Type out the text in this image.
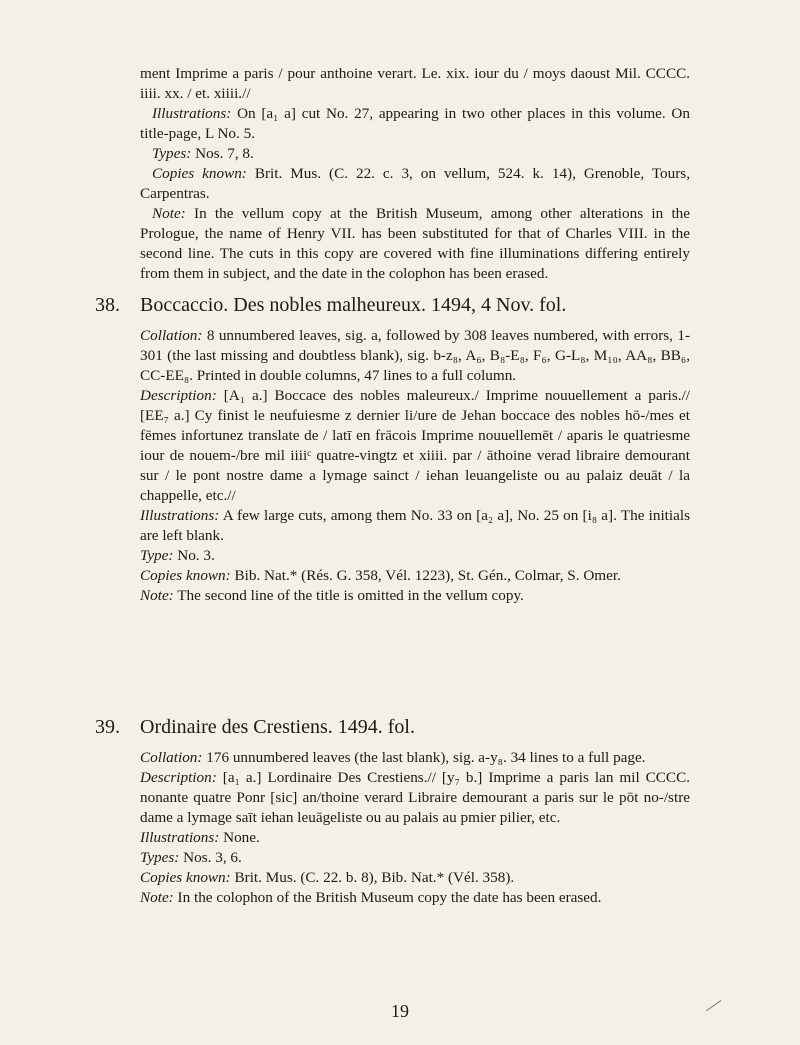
ment Imprime a paris / pour anthoine verart. Le. xix. iour du / moys daoust Mil. CCCC. iiii. xx. / et. xiiii.//

Illustrations: On [a₁ a] cut No. 27, appearing in two other places in this volume. On title-page, L No. 5.

Types: Nos. 7, 8.

Copies known: Brit. Mus. (C. 22. c. 3, on vellum, 524. k. 14), Grenoble, Tours, Carpentras.

Note: In the vellum copy at the British Museum, among other alterations in the Prologue, the name of Henry VII. has been substituted for that of Charles VIII. in the second line. The cuts in this copy are covered with fine illuminations differing entirely from them in subject, and the date in the colophon has been erased.

38. Boccaccio. Des nobles malheureux. 1494, 4 Nov. fol.

Collation: 8 unnumbered leaves, sig. a, followed by 308 leaves numbered, with errors, 1-301 (the last missing and doubtless blank), sig. b-z₈, A₆, B₈-E₈, F₆, G-L₈, M₁₀, AA₈, BB₆, CC-EE₈. Printed in double columns, 47 lines to a full column.

Description: [A₁ a.] Boccace des nobles maleureux./ Imprime nouuellement a paris.// [EE₇ a.] Cy finist le neufuiesme z dernier li/ure de Jehan boccace des nobles hō-/mes et fēmes infortunez translate de / latī en frācois Imprime nouuellemēt / aparis le quatriesme iour de nouem-/bre mil iiiiᶜ quatre-vingtz et xiiii. par / āthoine verad libraire demourant sur / le pont nostre dame a lymage sainct / iehan leuangeliste ou au palaiz deuāt / la chappelle, etc.//

Illustrations: A few large cuts, among them No. 33 on [a₂ a], No. 25 on [i₈ a]. The initials are left blank.

Type: No. 3.

Copies known: Bib. Nat.* (Rés. G. 358, Vél. 1223), St. Gén., Colmar, S. Omer.

Note: The second line of the title is omitted in the vellum copy.

39. Ordinaire des Crestiens. 1494. fol.

Collation: 176 unnumbered leaves (the last blank), sig. a-y₈. 34 lines to a full page.

Description: [a₁ a.] Lordinaire Des Crestiens.// [y₇ b.] Imprime a paris lan mil CCCC. nonante quatre Ponr [sic] an/thoine verard Libraire demourant a paris sur le pōt no-/stre dame a lymage saīt iehan leuāgeliste ou au palais au pmier pilier, etc.

Illustrations: None.

Types: Nos. 3, 6.

Copies known: Brit. Mus. (C. 22. b. 8), Bib. Nat.* (Vél. 358).

Note: In the colophon of the British Museum copy the date has been erased.

19
